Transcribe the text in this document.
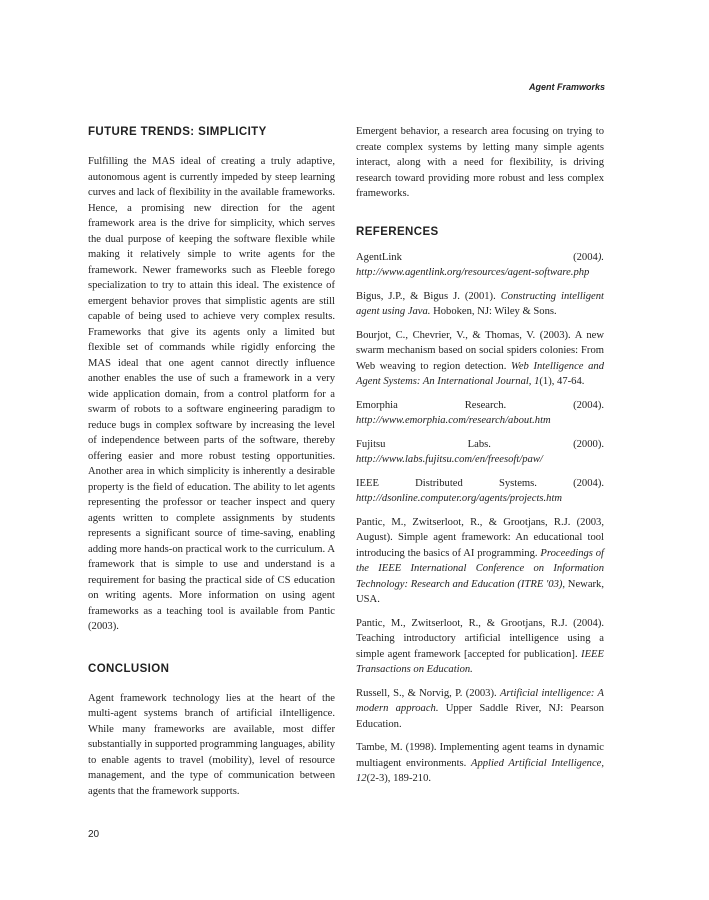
Agent Framworks
FUTURE TRENDS: SIMPLICITY

Fulfilling the MAS ideal of creating a truly adaptive, autonomous agent is currently impeded by steep learning curves and lack of flexibility in the available frameworks. Hence, a promising new direction for the agent framework area is the drive for simplicity, which serves the dual purpose of keeping the software flexible while making it relatively simple to write agents for the framework. Newer frameworks such as Fleeble forego specialization to try to attain this ideal. The existence of emergent behavior proves that simplistic agents are still capable of being used to achieve very complex results. Frameworks that give its agents only a limited but flexible set of commands while rigidly enforcing the MAS ideal that one agent cannot directly influence another enables the use of such a framework in a very wide application domain, from a control platform for a swarm of robots to a software engineering paradigm to reduce bugs in complex software by increasing the level of independence between parts of the software, thereby offering easier and more robust testing opportunities. Another area in which simplicity is inherently a desirable property is the field of education. The ability to let agents representing the professor or teacher inspect and query agents written to complete assignments by students represents a significant source of time-saving, enabling adding more hands-on practical work to the curriculum. A framework that is simple to use and understand is a requirement for basing the practical side of CS education on writing agents. More information on using agent frameworks as a teaching tool is available from Pantic (2003).

CONCLUSION

Agent framework technology lies at the heart of the multi-agent systems branch of artificial iIntelligence. While many frameworks are available, most differ substantially in supported programming languages, ability to enable agents to travel (mobility), level of resource management, and the type of communication between agents that the framework supports.

Emergent behavior, a research area focusing on trying to create complex systems by letting many simple agents interact, along with a need for flexibility, is driving research toward providing more robust and less complex frameworks.

REFERENCES

AgentLink (2004). http://www.agentlink.org/resources/agent-software.php

Bigus, J.P., & Bigus J. (2001). Constructing intelligent agent using Java. Hoboken, NJ: Wiley & Sons.

Bourjot, C., Chevrier, V., & Thomas, V. (2003). A new swarm mechanism based on social spiders colonies: From Web weaving to region detection. Web Intelligence and Agent Systems: An International Journal, 1(1), 47-64.

Emorphia Research. (2004). http://www.emorphia.com/research/about.htm

Fujitsu Labs. (2000). http://www.labs.fujitsu.com/en/freesoft/paw/

IEEE Distributed Systems. (2004). http://dsonline.computer.org/agents/projects.htm

Pantic, M., Zwitserloot, R., & Grootjans, R.J. (2003, August). Simple agent framework: An educational tool introducing the basics of AI programming. Proceedings of the IEEE International Conference on Information Technology: Research and Education (ITRE '03), Newark, USA.

Pantic, M., Zwitserloot, R., & Grootjans, R.J. (2004). Teaching introductory artificial intelligence using a simple agent framework [accepted for publication]. IEEE Transactions on Education.

Russell, S., & Norvig, P. (2003). Artificial intelligence: A modern approach. Upper Saddle River, NJ: Pearson Education.

Tambe, M. (1998). Implementing agent teams in dynamic multiagent environments. Applied Artificial Intelligence, 12(2-3), 189-210.

20
